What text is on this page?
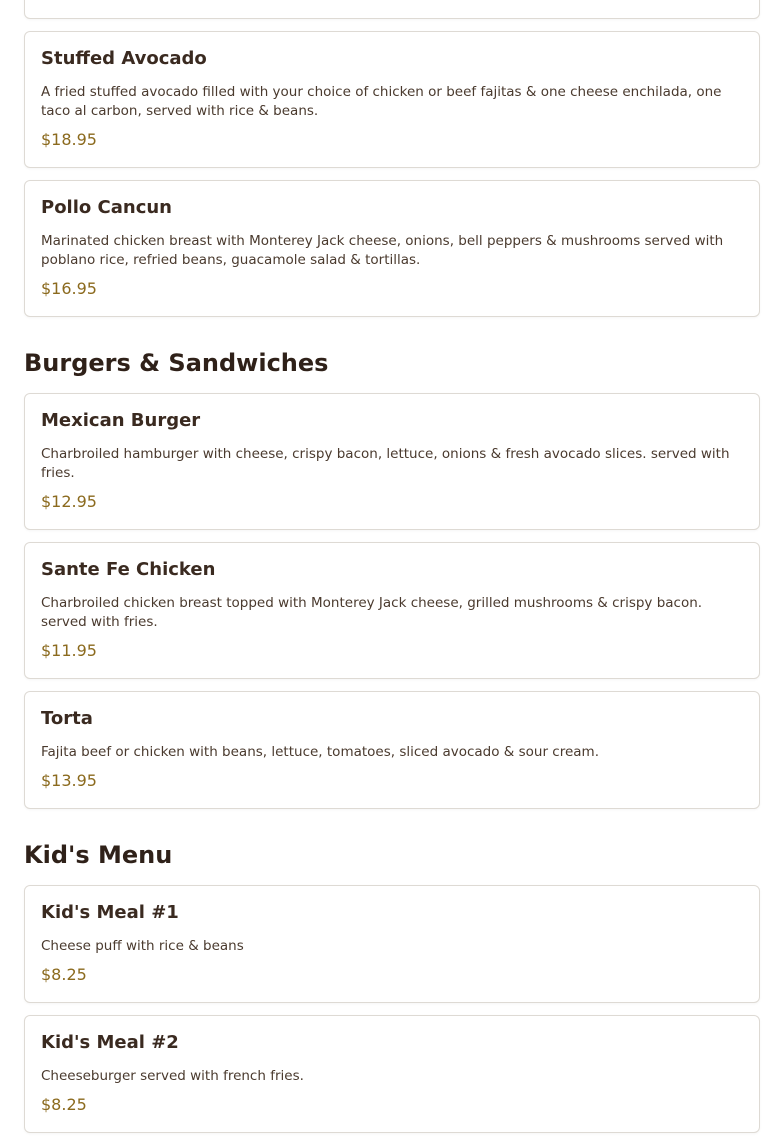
Stuffed Avocado
A fried stuffed avocado filled with your choice of chicken or beef fajitas & one cheese enchilada, one taco al carbon, served with rice & beans.
$18.95
Pollo Cancun
Marinated chicken breast with Monterey Jack cheese, onions, bell peppers & mushrooms served with poblano rice, refried beans, guacamole salad & tortillas.
$16.95
Burgers & Sandwiches
Mexican Burger
Charbroiled hamburger with cheese, crispy bacon, lettuce, onions & fresh avocado slices. served with fries.
$12.95
Sante Fe Chicken
Charbroiled chicken breast topped with Monterey Jack cheese, grilled mushrooms & crispy bacon. served with fries.
$11.95
Torta
Fajita beef or chicken with beans, lettuce, tomatoes, sliced avocado & sour cream.
$13.95
Kid's Menu
Kid's Meal #1
Cheese puff with rice & beans
$8.25
Kid's Meal #2
Cheeseburger served with french fries.
$8.25
